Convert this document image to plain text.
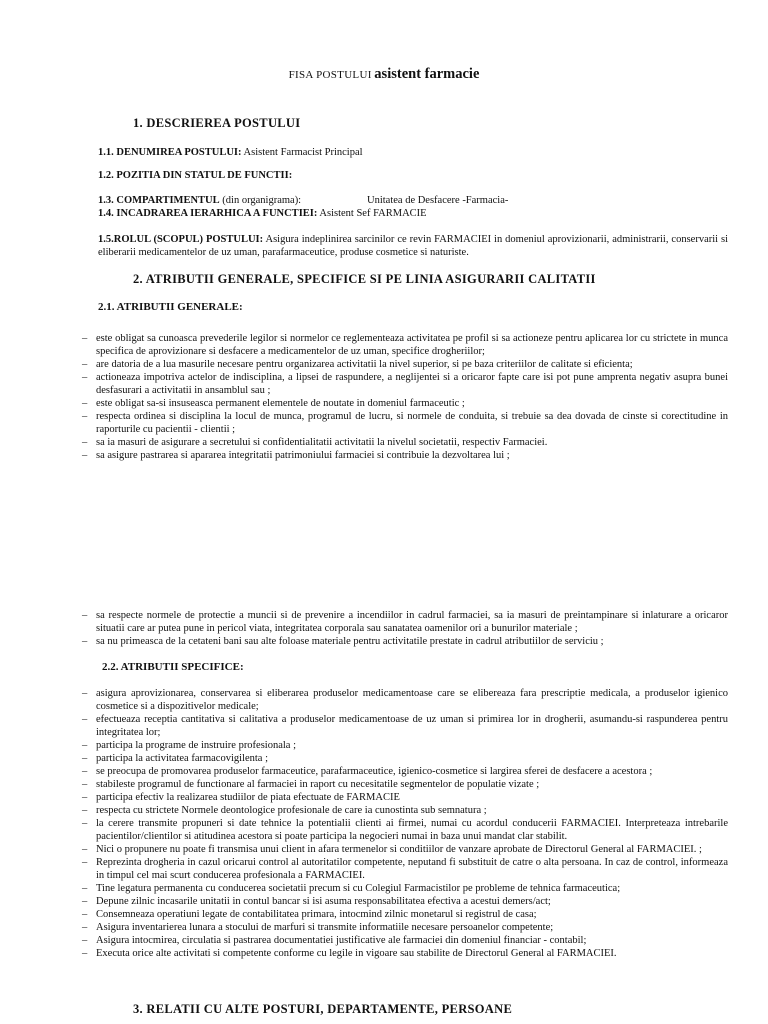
FISA POSTULUI asistent farmacie
1. DESCRIEREA POSTULUI
1.1. DENUMIREA POSTULUI: Asistent Farmacist Principal
1.2. POZITIA DIN STATUL DE FUNCTII:
1.3. COMPARTIMENTUL (din organigrama):	Unitatea de Desfacere -Farmacia-
1.4. INCADRAREA IERARHICA A FUNCTIEI: Asistent Sef FARMACIE
1.5.ROLUL (SCOPUL) POSTULUI: Asigura indeplinirea sarcinilor ce revin FARMACIEI in domeniul aprovizionarii, administrarii, conservarii si eliberarii medicamentelor de uz uman, parafarmaceutice, produse cosmetice si naturiste.
2. ATRIBUTII GENERALE, SPECIFICE SI PE LINIA ASIGURARII CALITATII
2.1. ATRIBUTII GENERALE:
– este obligat sa cunoasca prevederile legilor si normelor ce reglementeaza activitatea pe profil si sa actioneze pentru aplicarea lor cu strictete in munca specifica de aprovizionare si desfacere a medicamentelor de uz uman, specifice drogheriilor;
– are datoria de a lua masurile necesare pentru organizarea activitatii la nivel superior, si pe baza criteriilor de calitate si eficienta;
– actioneaza impotriva actelor de indisciplina, a lipsei de raspundere, a neglijentei si a oricaror fapte care isi pot pune amprenta negativ asupra bunei desfasurari a activitatii in ansamblul sau ;
– este obligat sa-si insuseasca permanent elementele de noutate in domeniul farmaceutic ;
– respecta ordinea si disciplina la locul de munca, programul de lucru, si normele de conduita, si trebuie sa dea dovada de cinste si corectitudine in raporturile cu pacientii - clientii ;
– sa ia masuri de asigurare a secretului si confidentialitatii activitatii la nivelul societatii, respectiv Farmaciei.
– sa asigure pastrarea si apararea integritatii patrimoniului farmaciei si contribuie la dezvoltarea lui ;
– sa respecte normele de protectie a muncii si de prevenire a incendiilor in cadrul farmaciei, sa ia masuri de preintampinare si inlaturare a oricaror situatii care ar putea pune in pericol viata, integritatea corporala sau sanatatea oamenilor ori a bunurilor materiale ;
– sa nu primeasca de la cetateni bani sau alte foloase materiale pentru activitatile prestate in cadrul atributiilor de serviciu ;
2.2. ATRIBUTII SPECIFICE:
– asigura aprovizionarea, conservarea si eliberarea produselor medicamentoase care se elibereaza fara prescriptie medicala, a produselor igienico cosmetice si a dispozitivelor medicale;
– efectueaza receptia cantitativa si calitativa a produselor medicamentoase de uz uman si primirea lor in drogherii, asumandu-si raspunderea pentru integritatea lor;
– participa la programe de instruire profesionala ;
– participa la activitatea farmacovigilenta ;
– se preocupa de promovarea produselor farmaceutice, parafarmaceutice, igienico-cosmetice si largirea sferei de desfacere a acestora ;
– stabileste programul de functionare al farmaciei in raport cu necesitatile segmentelor de populatie vizate ;
– participa efectiv la realizarea studiilor de piata efectuate de FARMACIE
– respecta cu strictete Normele deontologice profesionale de care ia cunostinta sub semnatura ;
– la cerere transmite propuneri si date tehnice la potentialii clienti ai firmei, numai cu acordul conducerii FARMACIEI. Interpreteaza intrebarile pacientilor/clientilor si atitudinea acestora si poate participa la negocieri numai in baza unui mandat clar stabilit.
– Nici o propunere nu poate fi transmisa unui client in afara termenelor si conditiilor de vanzare aprobate de Directorul General al FARMACIEI. ;
– Reprezinta drogheria in cazul oricarui control al autoritatilor competente, neputand fi substituit de catre o alta persoana. In caz de control, informeaza in timpul cel mai scurt conducerea profesionala a FARMACIEI.
– Tine legatura permanenta cu conducerea societatii precum si cu Colegiul Farmacistilor pe probleme de tehnica farmaceutica;
– Depune zilnic incasarile unitatii in contul bancar si isi asuma responsabilitatea efectiva a acestui demers/act;
– Consemneaza operatiuni legate de contabilitatea primara, intocmind zilnic monetarul si registrul de casa;
– Asigura inventarierea lunara a stocului de marfuri si transmite informatiile necesare persoanelor competente;
– Asigura intocmirea, circulatia si pastrarea documentatiei justificative ale farmaciei din domeniul financiar - contabil;
– Executa orice alte activitati si competente conforme cu legile in vigoare sau stabilite de Directorul General al FARMACIEI.
3. RELATII CU ALTE POSTURI, DEPARTAMENTE, PERSOANE
